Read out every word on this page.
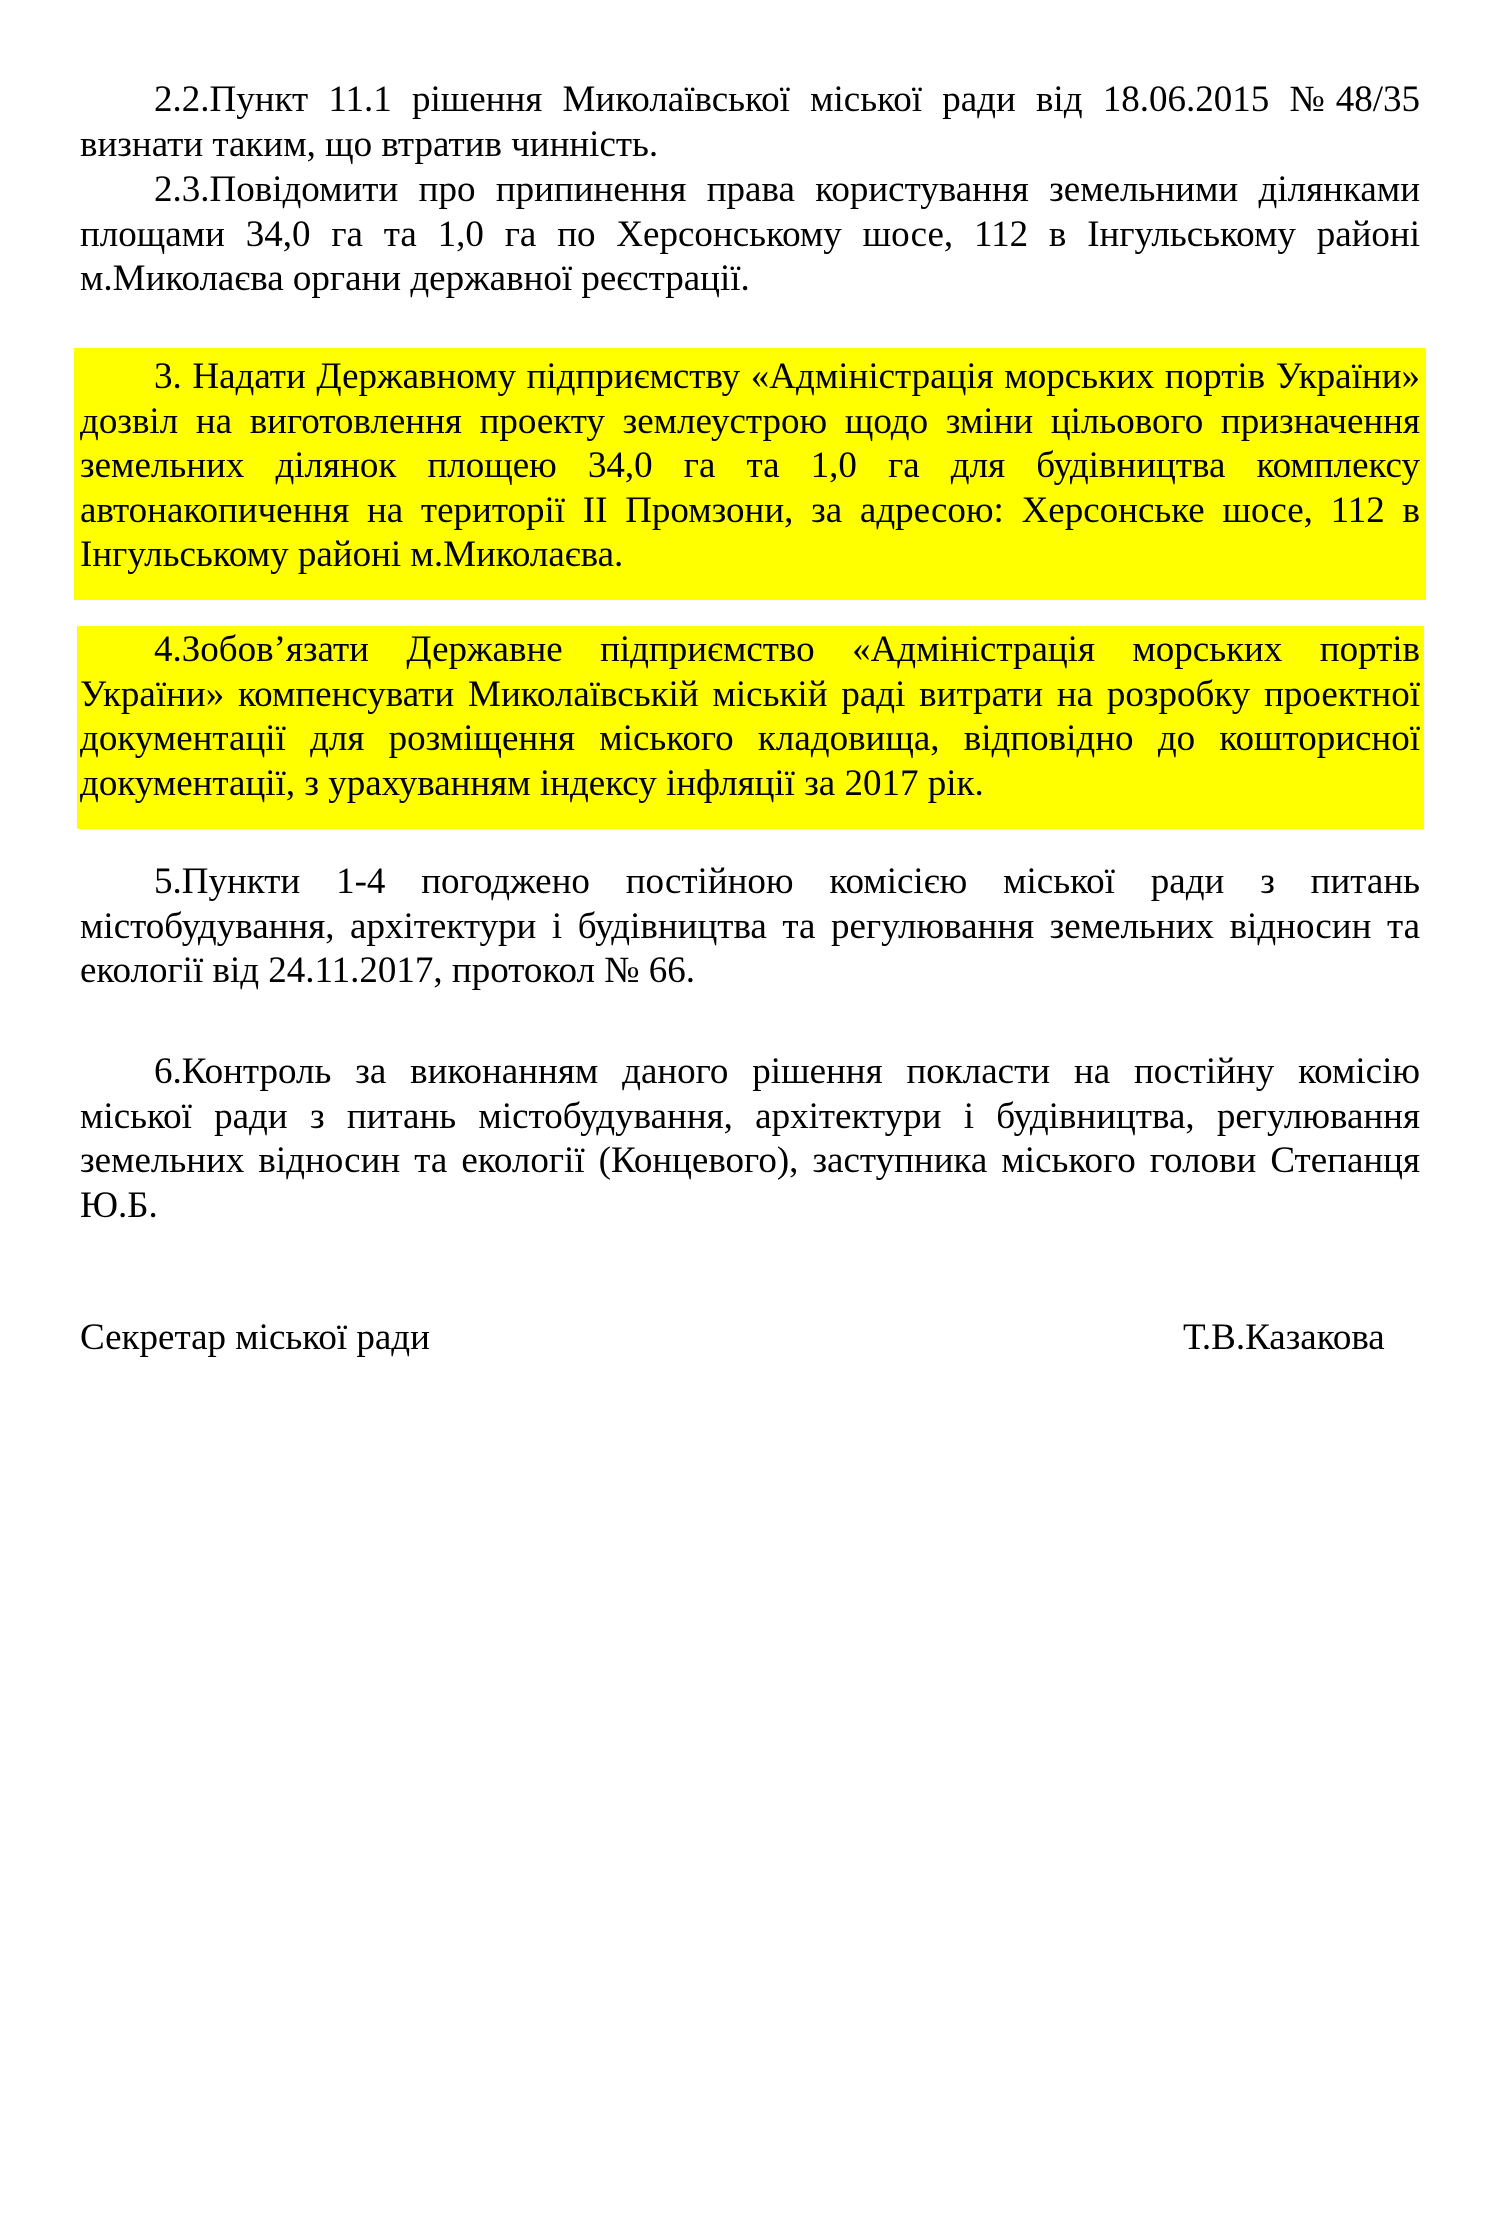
2.2.Пункт 11.1 рішення Миколаївської міської ради від 18.06.2015 №48/35 визнати таким, що втратив чинність.

2.3.Повідомити про припинення права користування земельними ділянками площами 34,0 га та 1,0 га по Херсонському шосе, 112 в Інгульському районі м.Миколаєва органи державної реєстрації.

3. Надати Державному підприємству «Адміністрація морських портів України» дозвіл на виготовлення проекту землеустрою щодо зміни цільового призначення земельних ділянок площею 34,0 га та 1,0 га для будівництва комплексу автонакопичення на території ІІ Промзони, за адресою: Херсонське шосе, 112 в Інгульському районі м.Миколаєва.

4.Зобов’язати Державне підприємство «Адміністрація морських портів України» компенсувати Миколаївській міській раді витрати на розробку проектної документації для розміщення міського кладовища, відповідно до кошторисної документації, з урахуванням індексу інфляції за 2017 рік.

5.Пункти 1-4 погоджено постійною комісією міської ради з питань містобудування, архітектури і будівництва та регулювання земельних відносин та екології від 24.11.2017, протокол № 66.

6.Контроль за виконанням даного рішення покласти на постійну комісію міської ради з питань містобудування, архітектури і будівництва, регулювання земельних відносин та екології (Концевого), заступника міського голови Степанця Ю.Б.

Секретар міської ради	Т.В.Казакова
